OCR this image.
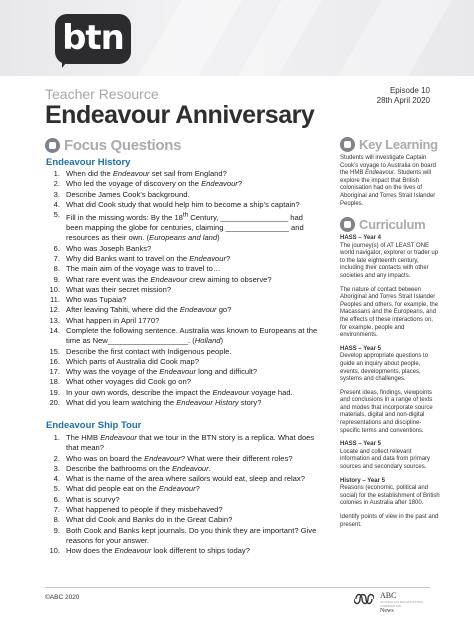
btn
Teacher Resource
Endeavour Anniversary
Episode 10
28th April 2020
Focus Questions
Endeavour History
1. When did the Endeavour set sail from England?
2. Who led the voyage of discovery on the Endeavour?
3. Describe James Cook’s background.
4. What did Cook study that would help him to become a ship’s captain?
5. Fill in the missing words: By the 18th Century, ________________ had been mapping the globe for centuries, claiming _______________ and resources as their own. (Europeans and land)
6. Who was Joseph Banks?
7. Why did Banks want to travel on the Endeavour?
8. The main aim of the voyage was to travel to…
9. What rare event was the Endeavour crew aiming to observe?
10. What was their secret mission?
11. Who was Tupaia?
12. After leaving Tahiti, where did the Endeavour go?
13. What happen in April 1770?
14. Complete the following sentence. Australia was known to Europeans at the time as New___________________. (Holland)
15. Describe the first contact with Indigenous people.
16. Which parts of Australia did Cook map?
17. Why was the voyage of the Endeavour long and difficult?
18. What other voyages did Cook go on?
19. In your own words, describe the impact the Endeavour voyage had.
20. What did you learn watching the Endeavour History story?
Endeavour Ship Tour
1. The HMB Endeavour that we tour in the BTN story is a replica. What does that mean?
2. Who was on board the Endeavour? What were their different roles?
3. Describe the bathrooms on the Endeavour.
4. What is the name of the area where sailors would eat, sleep and relax?
5. What did people eat on the Endeavour?
6. What is scurvy?
7. What happened to people if they misbehaved?
8. What did Cook and Banks do in the Great Cabin?
9. Both Cook and Banks kept journals. Do you think they are important? Give reasons for your answer.
10. How does the Endeavour look different to ships today?
Key Learning

Students will investigate Captain Cook’s voyage to Australia on board the HMB Endeavour. Students will explore the impact that British colonisation had on the lives of Aboriginal and Torres Strait Islander Peoples.

Curriculum

HASS – Year 4
The journey(s) of AT LEAST ONE world navigator, explorer or trader up to the late eighteenth century, including their contacts with other societies and any impacts.

The nature of contact between Aboriginal and Torres Strait Islander Peoples and others, for example, the Macassans and the Europeans, and the effects of these interactions on, for example, people and environments.

HASS – Year 5
Develop appropriate questions to guide an inquiry about people, events, developments, places, systems and challenges.

Present ideas, findings, viewpoints and conclusions in a range of texts and modes that incorporate source materials, digital and non-digital representations and discipline-specific terms and conventions.

HASS – Year 5
Locate and collect relevant information and data from primary sources and secondary sources.

History – Year 5
Reasons (economic, political and social) for the establishment of British colonies in Australia after 1800.

Identify points of view in the past and present.

©ABC 2020	ABC
AUSTRALIAN BROADCASTING CORPORATION
News
